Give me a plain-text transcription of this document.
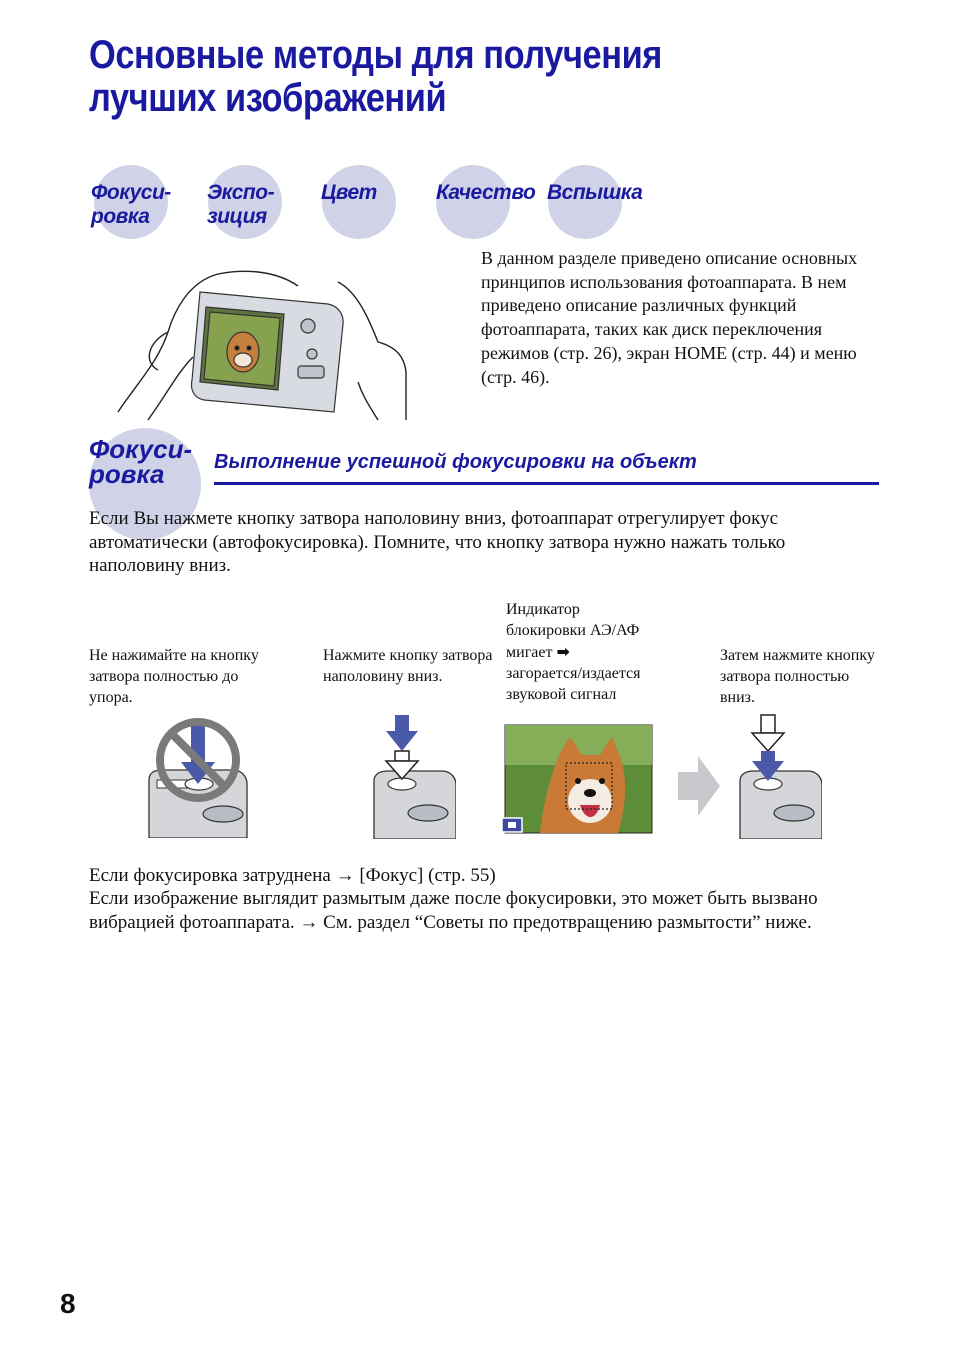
Основные методы для получения лучших изображений
Фокуси-
ровка
Экспо-
зиция
Цвет	Качество Вспышка

В данном разделе приведено описание основных принципов использования фотоаппарата. В нем приведено описание различных функций фотоаппарата, таких как диск переключения режимов (стр. 26), экран HOME (стр. 44) и меню (стр. 46).

Фокуси-
ровка	Выполнение успешной фокусировки на объект

Если Вы нажмете кнопку затвора наполовину вниз, фотоаппарат отрегулирует фокус автоматически (автофокусировка). Помните, что кнопку затвора нужно нажать только наполовину вниз.

Не нажимайте на кнопку затвора полностью до упора.

Нажмите кнопку затвора наполовину вниз.

Индикатор
блокировки АЭ/АФ
мигает ➡
загорается/издается
звуковой сигнал

Затем нажмите кнопку затвора полностью вниз.

Если фокусировка затруднена → [Фокус] (стр. 55)

Если изображение выглядит размытым даже после фокусировки, это может быть вызвано вибрацией фотоаппарата. → См. раздел “Советы по предотвращению размытости” ниже.

8
